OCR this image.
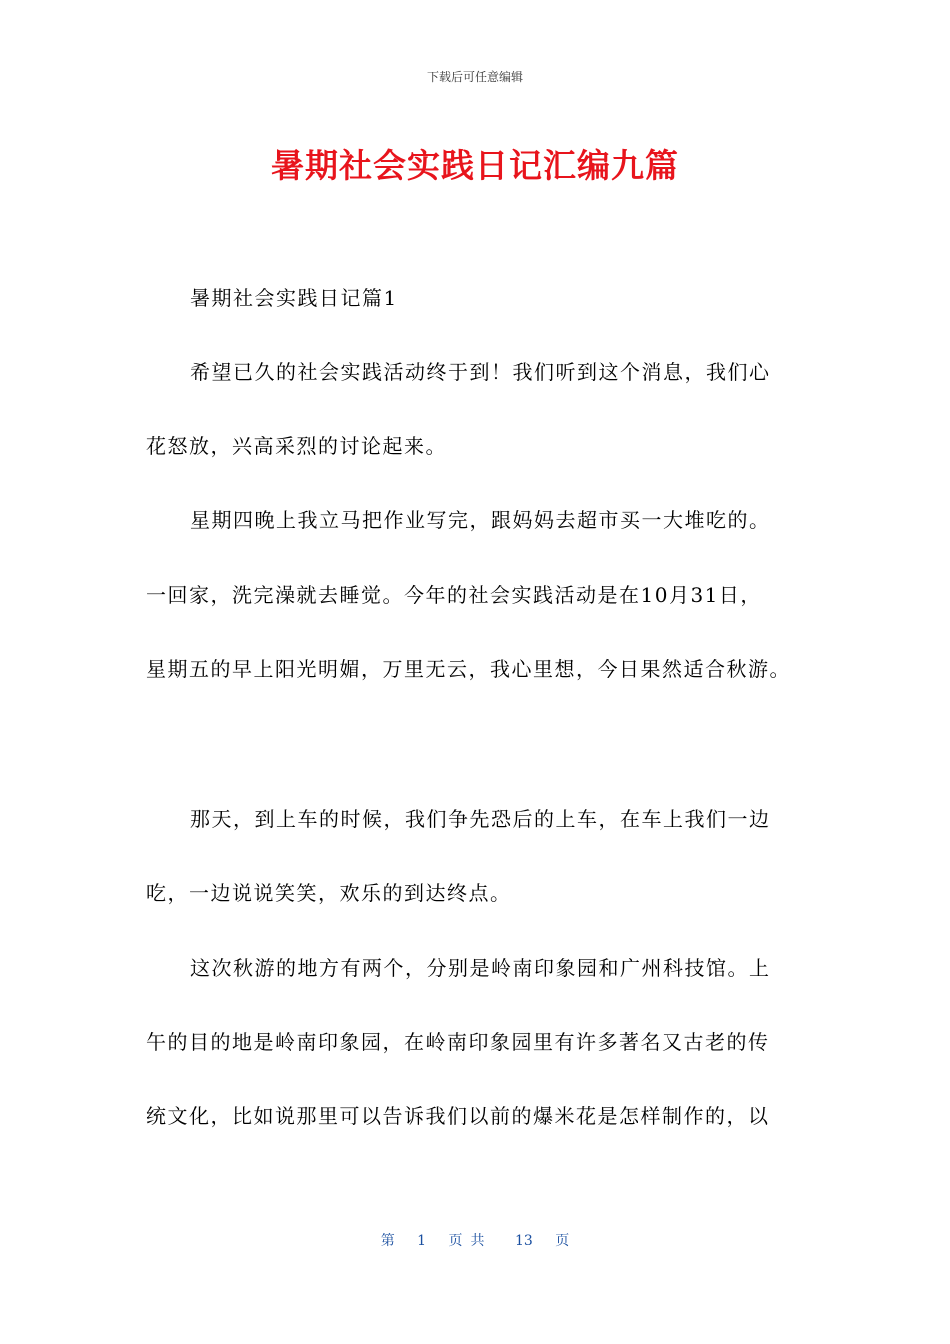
下载后可任意编辑
暑期社会实践日记汇编九篇
暑期社会实践日记篇1
希望已久的社会实践活动终于到！我们听到这个消息，我们心
花怒放，兴高采烈的讨论起来。
星期四晚上我立马把作业写完，跟妈妈去超市买一大堆吃的。
一回家，洗完澡就去睡觉。今年的社会实践活动是在10月31日，
星期五的早上阳光明媚，万里无云，我心里想，今日果然适合秋游。
那天，到上车的时候，我们争先恐后的上车，在车上我们一边
吃，一边说说笑笑，欢乐的到达终点。
这次秋游的地方有两个，分别是岭南印象园和广州科技馆。上
午的目的地是岭南印象园，在岭南印象园里有许多著名又古老的传
统文化，比如说那里可以告诉我们以前的爆米花是怎样制作的，以
第 1 页共 13 页
